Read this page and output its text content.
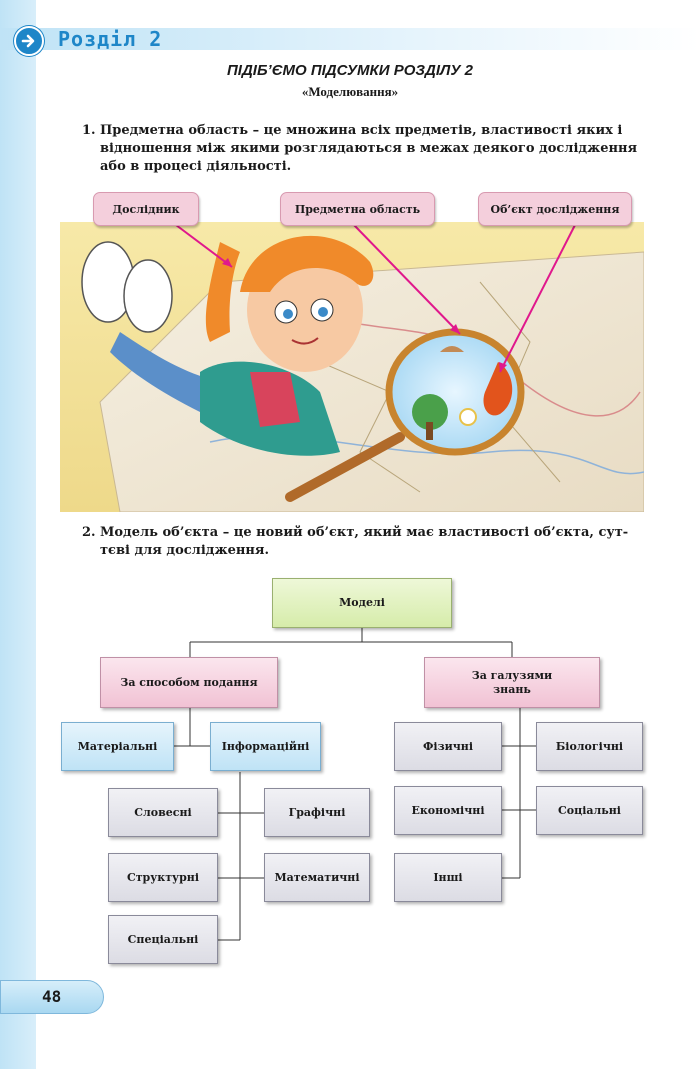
Розділ 2
ПІДІБ’ЄМО ПІДСУМКИ РОЗДІЛУ 2
«Моделювання»
1. Предметна область – це множина всіх предметів, властивості яких і
відношення між якими розглядаються в межах деякого дослідження
або в процесі діяльності.
Дослідник	Предметна область	Об’єкт дослідження
2. Модель об’єкта – це новий об’єкт, який має властивості об’єкта, сут-
тєві для дослідження.
Моделі
За способом подання
За галузями
знань
Матеріальні	Інформаційні
Словесні	Графічні
Структурні	Математичні
Спеціальні
Фізичні	Біологічні
Економічні	Соціальні
Інші
48
